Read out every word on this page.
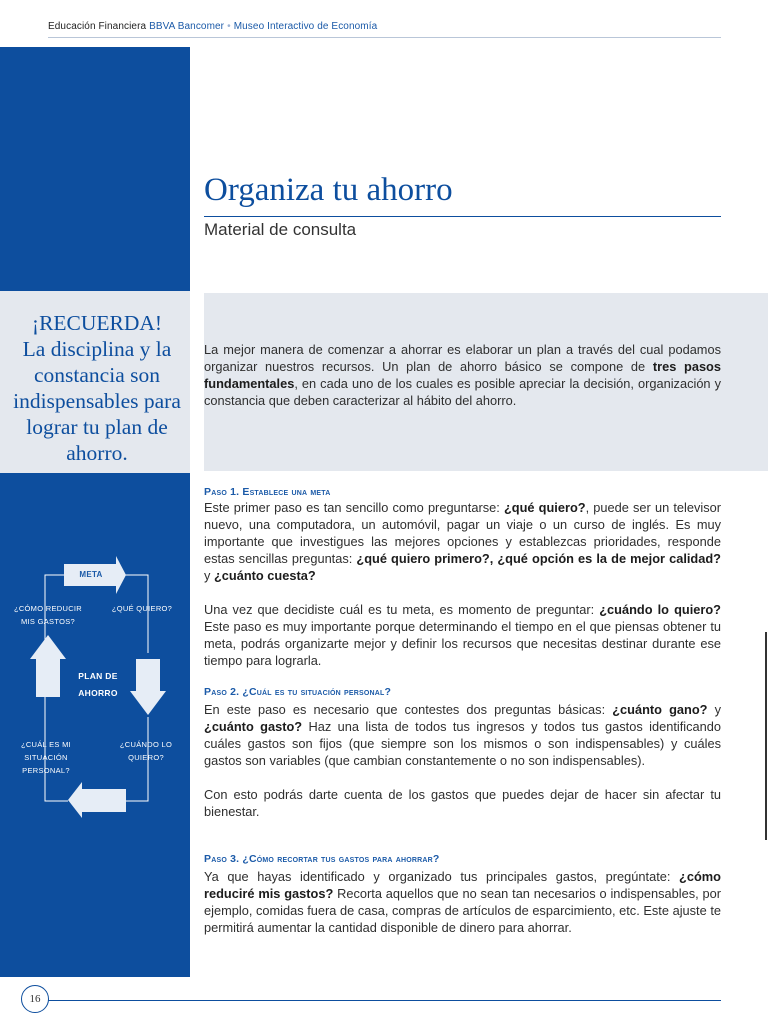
Educación Financiera BBVA Bancomer • Museo Interactivo de Economía
¡RECUERDA!
La disciplina y la
constancia son
indispensables para
lograr tu plan de
ahorro.
META
¿CÓMO REDUCIR
MIS GASTOS?
¿QUÉ QUIERO?
PLAN DE
AHORRO
¿CUÁL ES MI
SITUACIÓN
PERSONAL?
¿CUÁNDO LO
QUIERO?
Organiza tu ahorro
Material de consulta
La mejor manera de comenzar a ahorrar es elaborar un plan a través del cual podamos organizar nuestros recursos. Un plan de ahorro básico se compone de tres pasos fundamentales, en cada uno de los cuales es posible apreciar la decisión, organización y constancia que deben caracterizar al hábito del ahorro.
Paso 1. Establece una meta
Este primer paso es tan sencillo como preguntarse: ¿qué quiero?, puede ser un televisor nuevo, una computadora, un automóvil, pagar un viaje o un curso de inglés. Es muy importante que investigues las mejores opciones y establezcas prioridades, responde estas sencillas preguntas: ¿qué quiero primero?, ¿qué opción es la de mejor calidad? y ¿cuánto cuesta?
Una vez que decidiste cuál es tu meta, es momento de preguntar: ¿cuándo lo quiero? Este paso es muy importante porque determinando el tiempo en el que piensas obtener tu meta, podrás organizarte mejor y definir los recursos que necesitas destinar durante ese tiempo para lograrla.
Paso 2. ¿Cuál es tu situación personal?
En este paso es necesario que contestes dos preguntas básicas: ¿cuánto gano? y ¿cuánto gasto? Haz una lista de todos tus ingresos y todos tus gastos identificando cuáles gastos son fijos (que siempre son los mismos o son indispensables) y cuáles gastos son variables (que cambian constantemente o no son indispensables).
Con esto podrás darte cuenta de los gastos que puedes dejar de hacer sin afectar tu bienestar.
Paso 3. ¿Cómo recortar tus gastos para ahorrar?
Ya que hayas identificado y organizado tus principales gastos, pregúntate: ¿cómo reduciré mis gastos? Recorta aquellos que no sean tan necesarios o indispensables, por ejemplo, comidas fuera de casa, compras de artículos de esparcimiento, etc. Este ajuste te permitirá aumentar la cantidad disponible de dinero para ahorrar.
16
